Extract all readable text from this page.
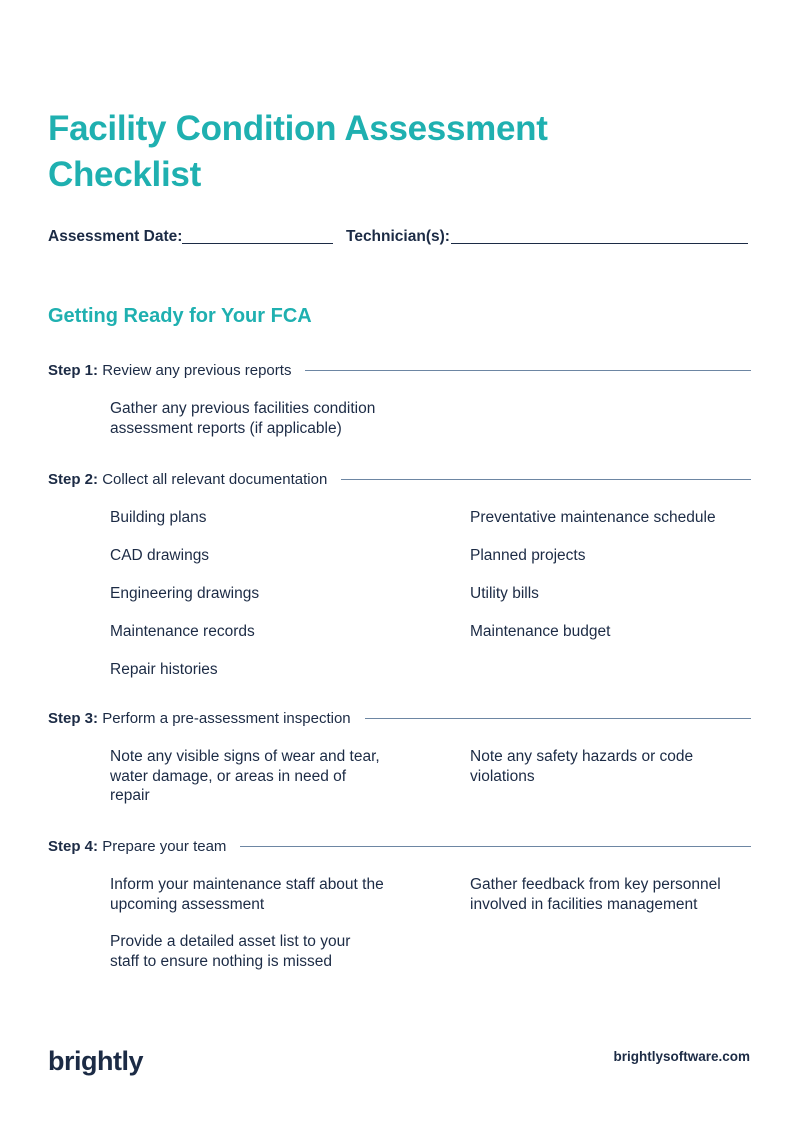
Facility Condition Assessment Checklist
Assessment Date:	Technician(s):
Getting Ready for Your FCA
Step 1: Review any previous reports
Gather any previous facilities condition assessment reports (if applicable)
Step 2: Collect all relevant documentation
Building plans
CAD drawings
Engineering drawings
Maintenance records
Repair histories
Preventative maintenance schedule
Planned projects
Utility bills
Maintenance budget
Step 3: Perform a pre-assessment inspection
Note any visible signs of wear and tear, water damage, or areas in need of repair
Note any safety hazards or code violations
Step 4: Prepare your team
Inform your maintenance staff about the upcoming assessment
Provide a detailed asset list to your staff to ensure nothing is missed
Gather feedback from key personnel involved in facilities management
brightly	brightlysoftware.com
